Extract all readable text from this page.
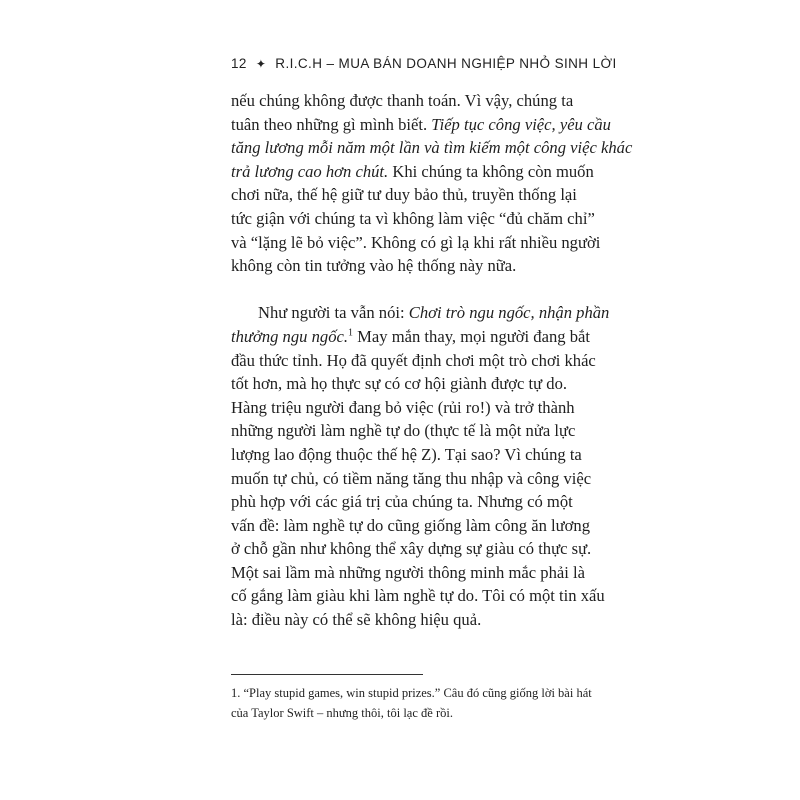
12 ✦ R.I.C.H – MUA BÁN DOANH NGHIỆP NHỎ SINH LỜI
nếu chúng không được thanh toán. Vì vậy, chúng ta
tuân theo những gì mình biết. Tiếp tục công việc, yêu cầu
tăng lương mỗi năm một lần và tìm kiếm một công việc khác
trả lương cao hơn chút. Khi chúng ta không còn muốn
chơi nữa, thế hệ giữ tư duy bảo thủ, truyền thống lại
tức giận với chúng ta vì không làm việc “đủ chăm chỉ”
và “lặng lẽ bỏ việc”. Không có gì lạ khi rất nhiều người
không còn tin tưởng vào hệ thống này nữa.
Như người ta vẫn nói: Chơi trò ngu ngốc, nhận phần
thưởng ngu ngốc.$^1$ May mắn thay, mọi người đang bắt
đầu thức tỉnh. Họ đã quyết định chơi một trò chơi khác
tốt hơn, mà họ thực sự có cơ hội giành được tự do.
Hàng triệu người đang bỏ việc (rủi ro!) và trở thành
những người làm nghề tự do (thực tế là một nửa lực
lượng lao động thuộc thế hệ Z). Tại sao? Vì chúng ta
muốn tự chủ, có tiềm năng tăng thu nhập và công việc
phù hợp với các giá trị của chúng ta. Nhưng có một
vấn đề: làm nghề tự do cũng giống làm công ăn lương
ở chỗ gần như không thể xây dựng sự giàu có thực sự.
Một sai lầm mà những người thông minh mắc phải là
cố gắng làm giàu khi làm nghề tự do. Tôi có một tin xấu
là: điều này có thể sẽ không hiệu quả.
1. “Play stupid games, win stupid prizes.” Câu đó cũng giống lời bài hát
của Taylor Swift – nhưng thôi, tôi lạc đề rồi.
